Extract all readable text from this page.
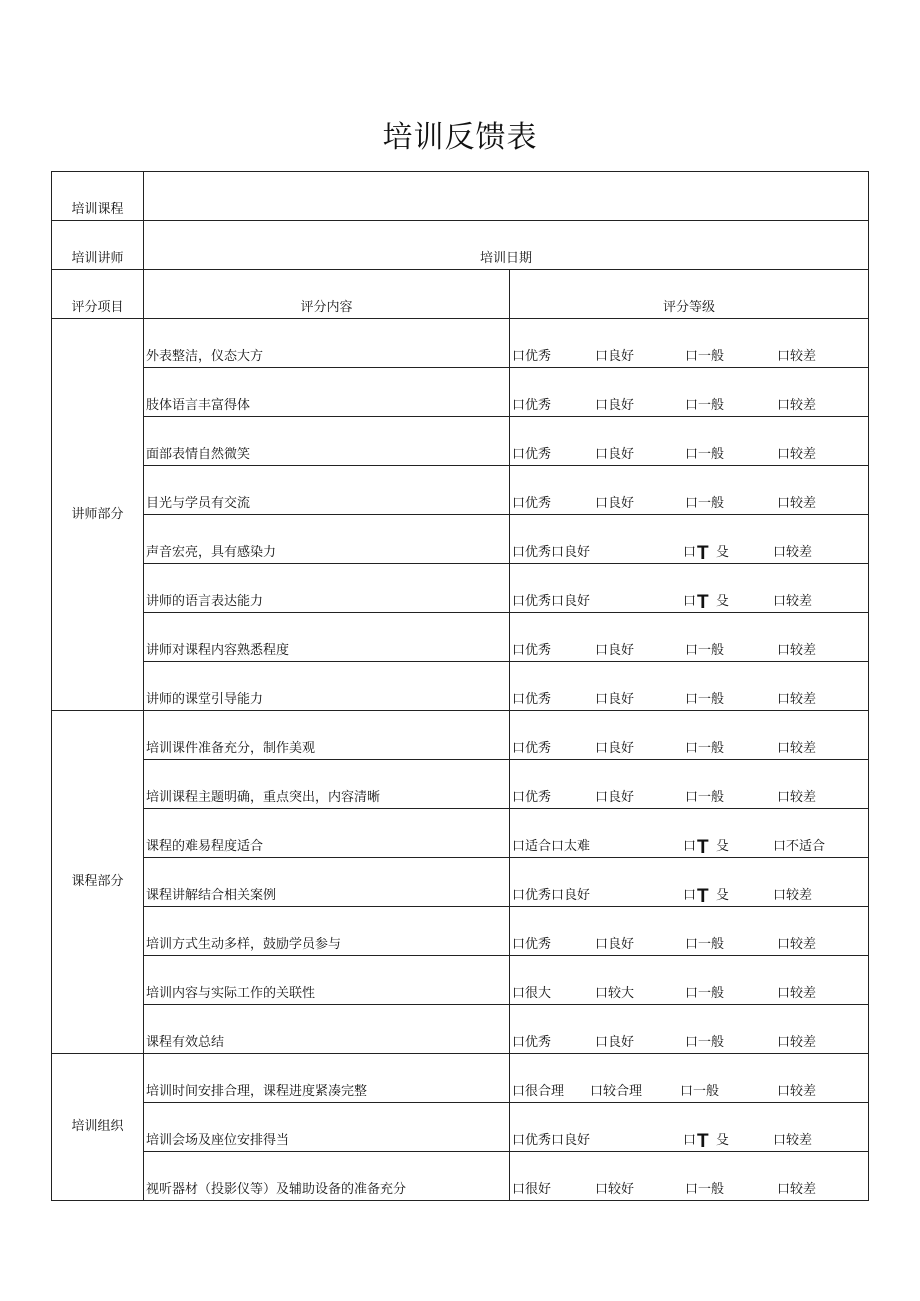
培训反馈表
培训课程		
培训讲师	培训日期	
评分项目	评分内容	评分等级
讲师部分	外表整洁，仪态大方	口优秀 口良好 口一般 口较差

	肢体语言丰富得体	口优秀 口良好 口一般 口较差

	面部表情自然微笑	口优秀 口良好 口一般 口较差

	目光与学员有交流	口优秀 口良好 口一般 口较差

	声音宏亮，具有感染力	口优秀口良好 口 T 殳 口较差

	讲师的语言表达能力	口优秀口良好 口 T 殳 口较差

	讲师对课程内容熟悉程度	口优秀 口良好 口一般 口较差

	讲师的课堂引导能力	口优秀 口良好 口一般 口较差

课程部分	培训课件准备充分，制作美观	口优秀 口良好 口一般 口较差

	培训课程主题明确，重点突出，内容清晰	口优秀 口良好 口一般 口较差

	课程的难易程度适合	口适合口太难 口 T 殳 口不适合

	课程讲解结合相关案例	口优秀口良好 口 T 殳 口较差

	培训方式生动多样，鼓励学员参与	口优秀 口良好 口一般 口较差

	培训内容与实际工作的关联性	口很大 口较大 口一般 口较差

	课程有效总结	口优秀 口良好 口一般 口较差

培训组织	培训时间安排合理，课程进度紧凑完整	口很合理 口较合理 口一般 口较差

	培训会场及座位安排得当	口优秀口良好 口 T 殳 口较差

	视听器材（投影仪等）及辅助设备的准备充分	口很好 口较好 口一般 口较差
